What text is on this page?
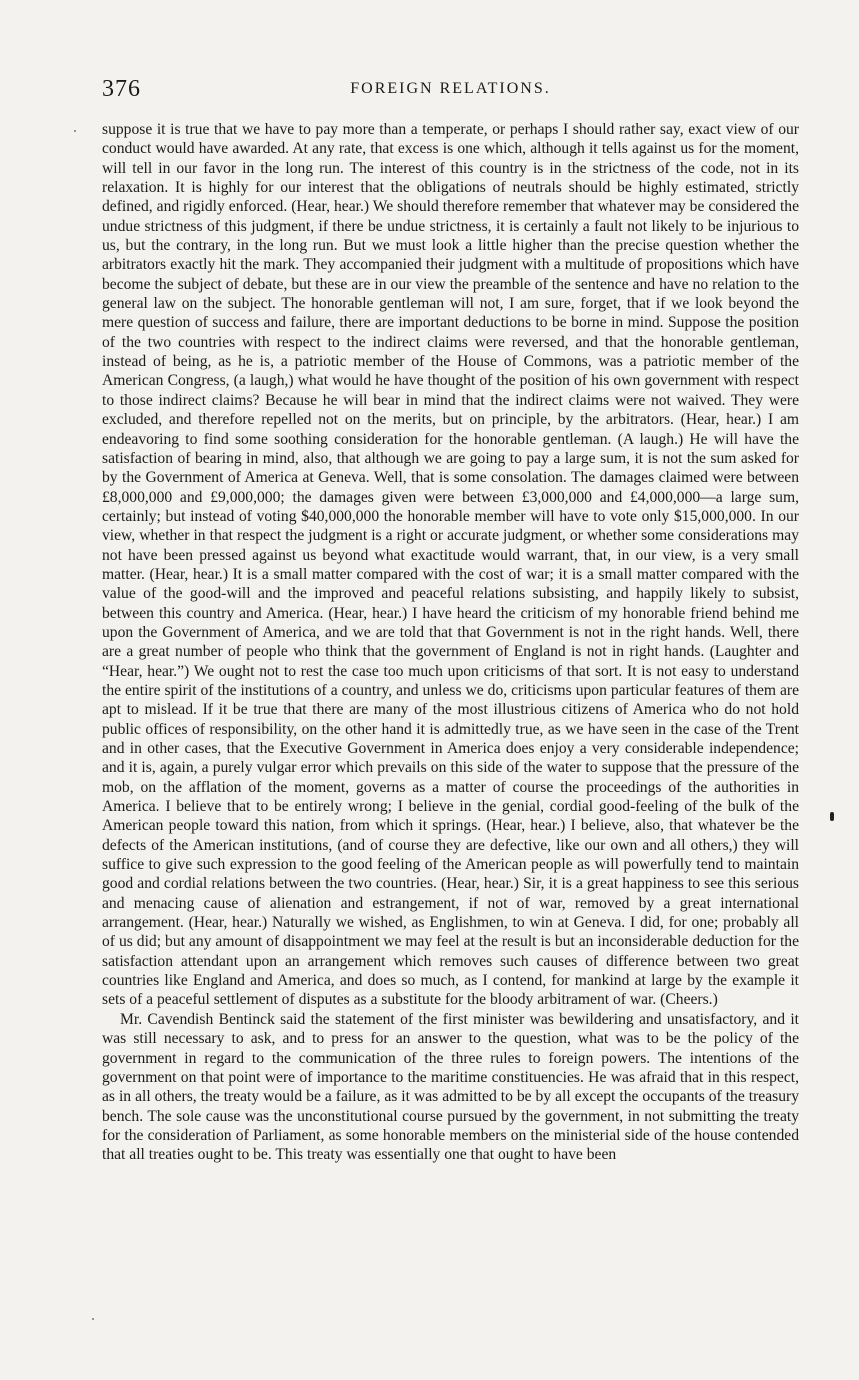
376	FOREIGN RELATIONS.

suppose it is true that we have to pay more than a temperate, or perhaps I should rather say, exact view of our conduct would have awarded. At any rate, that excess is one which, although it tells against us for the moment, will tell in our favor in the long run. The interest of this country is in the strictness of the code, not in its relaxation. It is highly for our interest that the obligations of neutrals should be highly estimated, strictly defined, and rigidly enforced. (Hear, hear.) We should therefore remember that whatever may be considered the undue strictness of this judgment, if there be undue strictness, it is certainly a fault not likely to be injurious to us, but the contrary, in the long run. But we must look a little higher than the precise question whether the arbitrators exactly hit the mark. They accompanied their judgment with a multitude of propositions which have become the subject of debate, but these are in our view the preamble of the sentence and have no relation to the general law on the subject. The honorable gentleman will not, I am sure, forget, that if we look beyond the mere question of success and failure, there are important deductions to be borne in mind. Suppose the position of the two countries with respect to the indirect claims were reversed, and that the honorable gentleman, instead of being, as he is, a patriotic member of the House of Commons, was a patriotic member of the American Congress, (a laugh,) what would he have thought of the position of his own government with respect to those indirect claims? Because he will bear in mind that the indirect claims were not waived. They were excluded, and therefore repelled not on the merits, but on principle, by the arbitrators. (Hear, hear.) I am endeavoring to find some soothing consideration for the honorable gentleman. (A laugh.) He will have the satisfaction of bearing in mind, also, that although we are going to pay a large sum, it is not the sum asked for by the Government of America at Geneva. Well, that is some consolation. The damages claimed were between £8,000,000 and £9,000,000; the damages given were between £3,000,000 and £4,000,000—a large sum, certainly; but instead of voting $40,000,000 the honorable member will have to vote only $15,000,000. In our view, whether in that respect the judgment is a right or accurate judgment, or whether some considerations may not have been pressed against us beyond what exactitude would warrant, that, in our view, is a very small matter. (Hear, hear.) It is a small matter compared with the cost of war; it is a small matter compared with the value of the good-will and the improved and peaceful relations subsisting, and happily likely to subsist, between this country and America. (Hear, hear.) I have heard the criticism of my honorable friend behind me upon the Government of America, and we are told that that Government is not in the right hands. Well, there are a great number of people who think that the government of England is not in right hands. (Laughter and “Hear, hear.”) We ought not to rest the case too much upon criticisms of that sort. It is not easy to understand the entire spirit of the institutions of a country, and unless we do, criticisms upon particular features of them are apt to mislead. If it be true that there are many of the most illustrious citizens of America who do not hold public offices of responsibility, on the other hand it is admittedly true, as we have seen in the case of the Trent and in other cases, that the Executive Government in America does enjoy a very considerable independence; and it is, again, a purely vulgar error which prevails on this side of the water to suppose that the pressure of the mob, on the afflation of the moment, governs as a matter of course the proceedings of the authorities in America. I believe that to be entirely wrong; I believe in the genial, cordial good-feeling of the bulk of the American people toward this nation, from which it springs. (Hear, hear.) I believe, also, that whatever be the defects of the American institutions, (and of course they are defective, like our own and all others,) they will suffice to give such expression to the good feeling of the American people as will powerfully tend to maintain good and cordial relations between the two countries. (Hear, hear.) Sir, it is a great happiness to see this serious and menacing cause of alienation and estrangement, if not of war, removed by a great international arrangement. (Hear, hear.) Naturally we wished, as Englishmen, to win at Geneva. I did, for one; probably all of us did; but any amount of disappointment we may feel at the result is but an inconsiderable deduction for the satisfaction attendant upon an arrangement which removes such causes of difference between two great countries like England and America, and does so much, as I contend, for mankind at large by the example it sets of a peaceful settlement of disputes as a substitute for the bloody arbitrament of war. (Cheers.)

Mr. Cavendish Bentinck said the statement of the first minister was bewildering and unsatisfactory, and it was still necessary to ask, and to press for an answer to the question, what was to be the policy of the government in regard to the communication of the three rules to foreign powers. The intentions of the government on that point were of importance to the maritime constituencies. He was afraid that in this respect, as in all others, the treaty would be a failure, as it was admitted to be by all except the occupants of the treasury bench. The sole cause was the unconstitutional course pursued by the government, in not submitting the treaty for the consideration of Parliament, as some honorable members on the ministerial side of the house contended that all treaties ought to be. This treaty was essentially one that ought to have been
